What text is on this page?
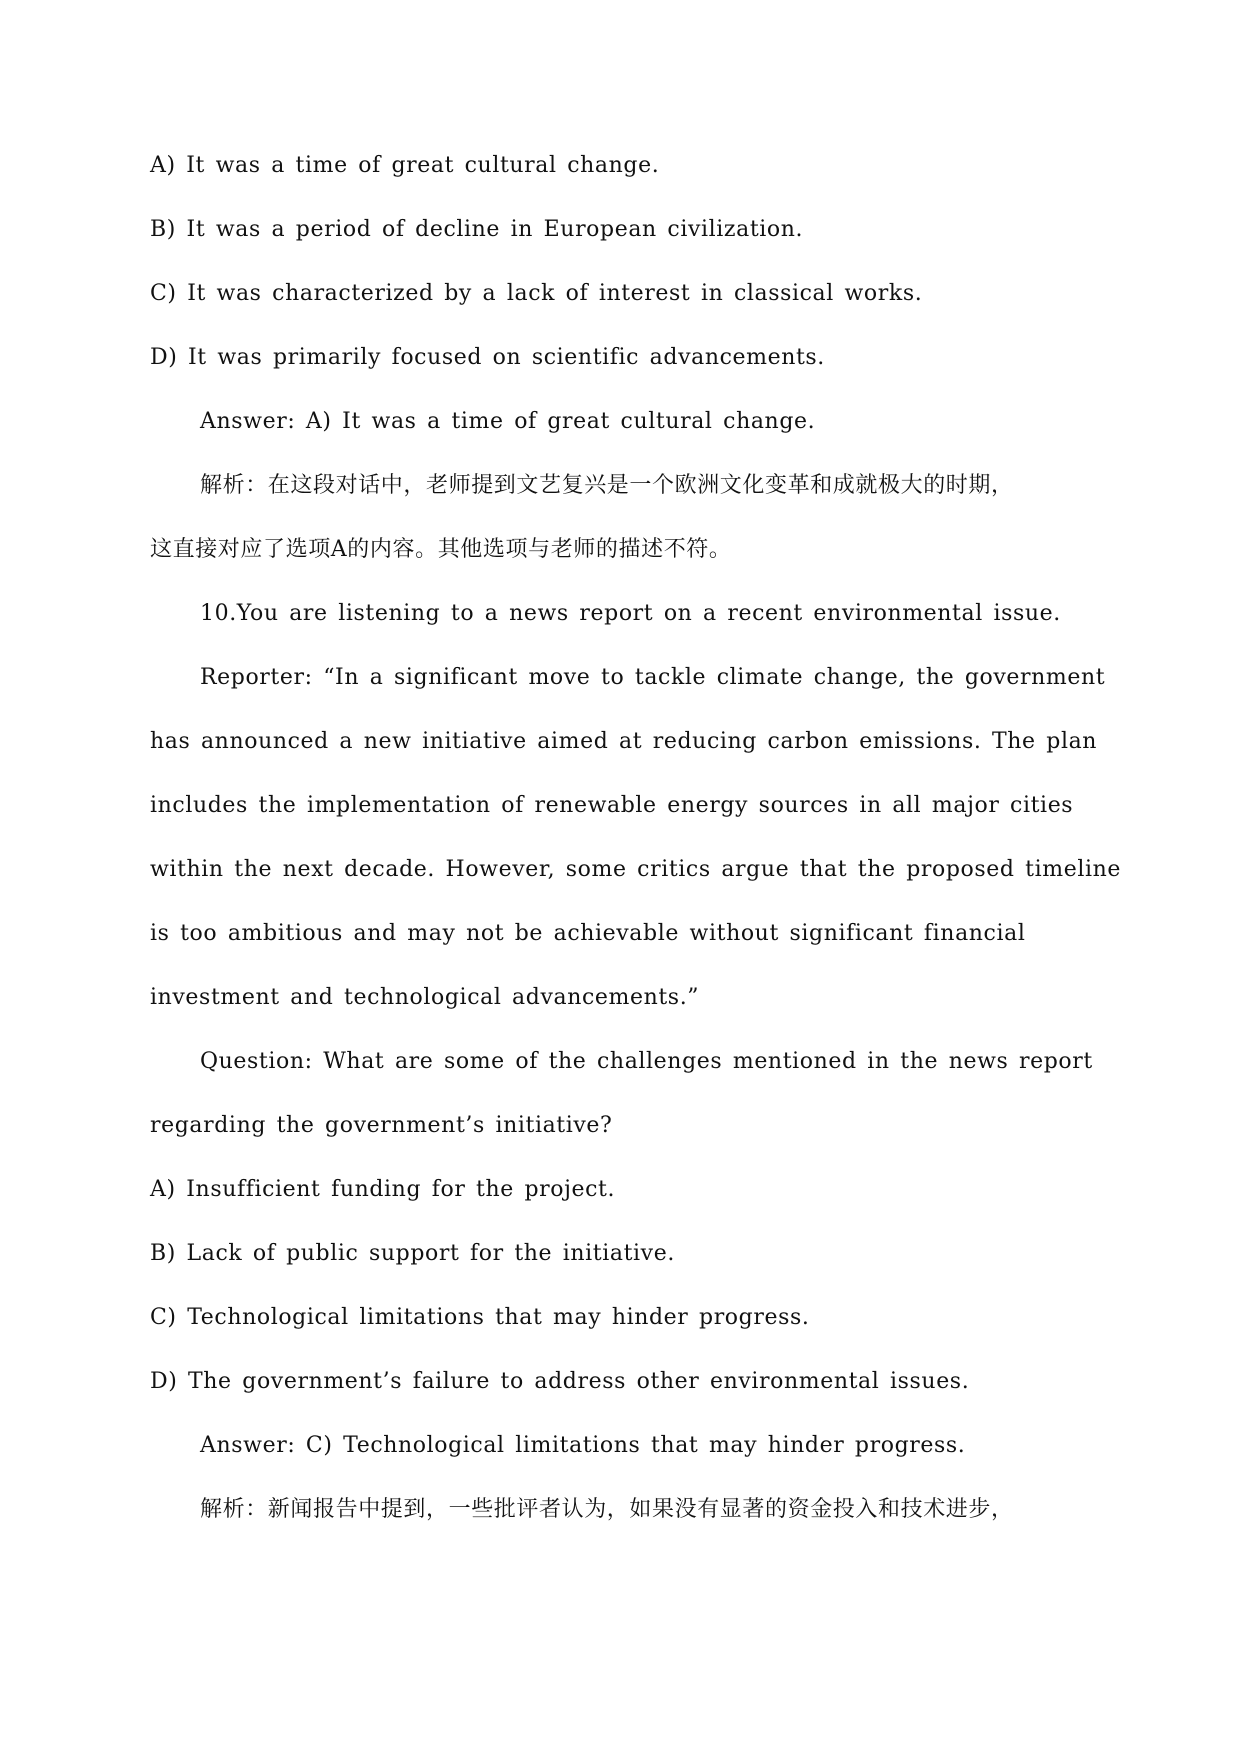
A) It was a time of great cultural change.
B) It was a period of decline in European civilization.
C) It was characterized by a lack of interest in classical works.
D) It was primarily focused on scientific advancements.
Answer: A) It was a time of great cultural change.
解析：在这段对话中，老师提到文艺复兴是一个欧洲文化变革和成就极大的时期，
这直接对应了选项A的内容。其他选项与老师的描述不符。
10.You are listening to a news report on a recent environmental issue.
Reporter: “In a significant move to tackle climate change, the government
has announced a new initiative aimed at reducing carbon emissions. The plan
includes the implementation of renewable energy sources in all major cities
within the next decade. However, some critics argue that the proposed timeline
is too ambitious and may not be achievable without significant financial
investment and technological advancements.”
Question: What are some of the challenges mentioned in the news report
regarding the government’s initiative?
A) Insufficient funding for the project.
B) Lack of public support for the initiative.
C) Technological limitations that may hinder progress.
D) The government’s failure to address other environmental issues.
Answer: C) Technological limitations that may hinder progress.
解析：新闻报告中提到，一些批评者认为，如果没有显著的资金投入和技术进步，
